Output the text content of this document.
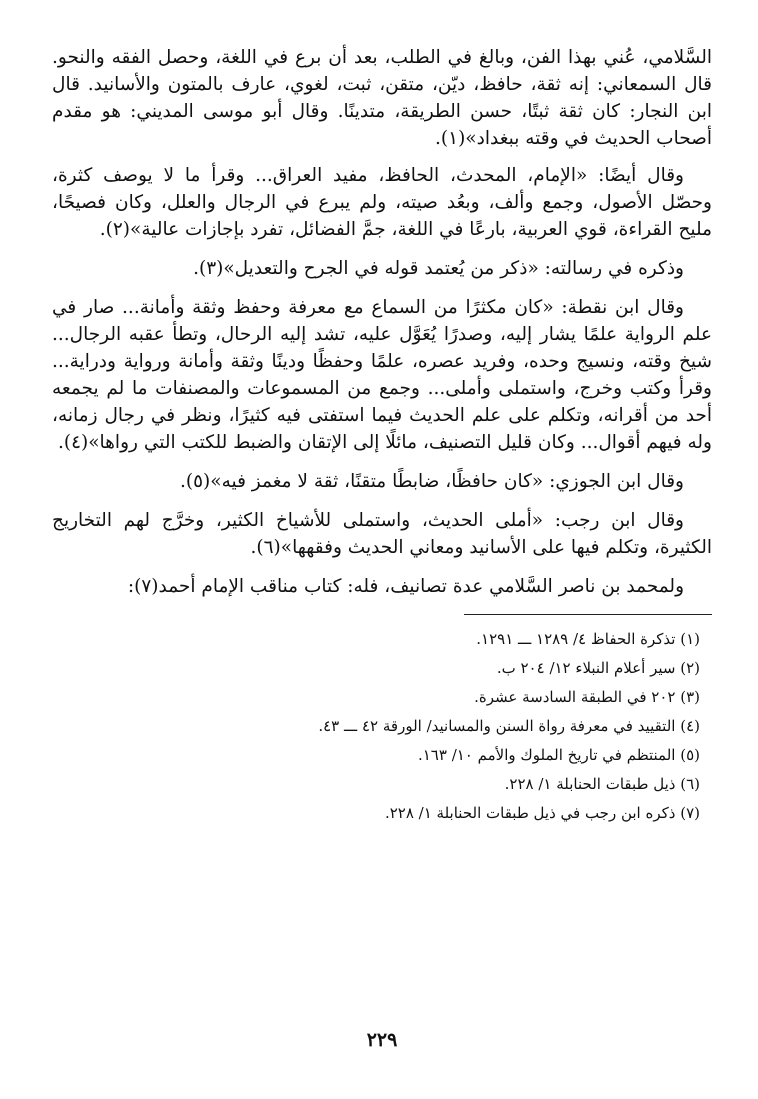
السَّلامي، عُني بهذا الفن، وبالغ في الطلب، بعد أن برع في اللغة، وحصل الفقه والنحو. قال السمعاني: إنه ثقة، حافظ، ديّن، متقن، ثبت، لغوي، عارف بالمتون والأسانيد. قال ابن النجار: كان ثقة ثبتًا، حسن الطريقة، متدينًا. وقال أبو موسى المديني: هو مقدم أصحاب الحديث في وقته ببغداد»(١).

وقال أيضًا: «الإمام، المحدث، الحافظ، مفيد العراق... وقرأ ما لا يوصف كثرة، وحصّل الأصول، وجمع وألف، وبعُد صيته، ولم يبرع في الرجال والعلل، وكان فصيحًا، مليح القراءة، قوي العربية، بارعًا في اللغة، جمَّ الفضائل، تفرد بإجازات عالية»(٢).

وذكره في رسالته: «ذكر من يُعتمد قوله في الجرح والتعديل»(٣).

وقال ابن نقطة: «كان مكثرًا من السماع مع معرفة وحفظ وثقة وأمانة... صار في علم الرواية علمًا يشار إليه، وصدرًا يُعَوَّل عليه، تشد إليه الرحال، وتطأ عقبه الرجال... شيخ وقته، ونسيج وحده، وفريد عصره، علمًا وحفظًا ودينًا وثقة وأمانة ورواية ودراية... وقرأ وكتب وخرج، واستملى وأملى... وجمع من المسموعات والمصنفات ما لم يجمعه أحد من أقرانه، وتكلم على علم الحديث فيما استفتى فيه كثيرًا، ونظر في رجال زمانه، وله فيهم أقوال... وكان قليل التصنيف، مائلًا إلى الإتقان والضبط للكتب التي رواها»(٤).

وقال ابن الجوزي: «كان حافظًا، ضابطًا متقنًا، ثقة لا مغمز فيه»(٥).

وقال ابن رجب: «أملى الحديث، واستملى للأشياخ الكثير، وخرَّج لهم التخاريج الكثيرة، وتكلم فيها على الأسانيد ومعاني الحديث وفقهها»(٦).

ولمحمد بن ناصر السَّلامي عدة تصانيف، فله: كتاب مناقب الإمام أحمد(٧):

(١) تذكرة الحفاظ ٤/ ١٢٨٩ ـــ ١٢٩١.
(٢) سير أعلام النبلاء ١٢/ ٢٠٤ ب.
(٣) ٢٠٢ في الطبقة السادسة عشرة.
(٤) التقييد في معرفة رواة السنن والمسانيد/ الورقة ٤٢ ـــ ٤٣.
(٥) المنتظم في تاريخ الملوك والأمم ١٠/ ١٦٣.
(٦) ذيل طبقات الحنابلة ١/ ٢٢٨.
(٧) ذكره ابن رجب في ذيل طبقات الحنابلة ١/ ٢٢٨.
٢٢٩
